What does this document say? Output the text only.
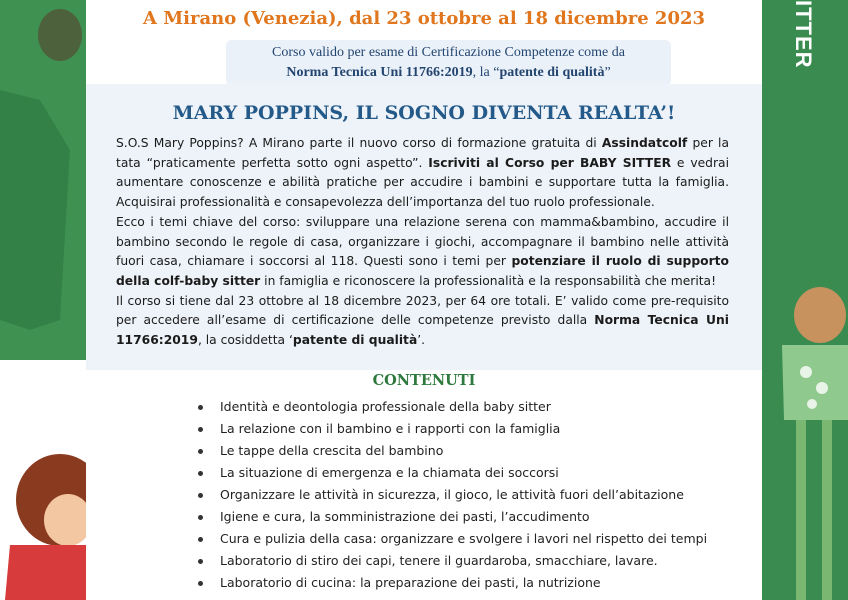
ITTER
A Mirano (Venezia), dal 23 ottobre al 18 dicembre 2023
Corso valido per esame di Certificazione Competenze come da
Norma Tecnica Uni 11766:2019, la “patente di qualità”
MARY POPPINS, IL SOGNO DIVENTA REALTA’!

S.O.S Mary Poppins? A Mirano parte il nuovo corso di formazione gratuita di Assindatcolf per la tata “praticamente perfetta sotto ogni aspetto”. Iscriviti al Corso per BABY SITTER e vedrai aumentare conoscenze e abilità pratiche per accudire i bambini e supportare tutta la famiglia. Acquisirai professionalità e consapevolezza dell’importanza del tuo ruolo professionale.

Ecco i temi chiave del corso: sviluppare una relazione serena con mamma&bambino, accudire il bambino secondo le regole di casa, organizzare i giochi, accompagnare il bambino nelle attività fuori casa, chiamare i soccorsi al 118. Questi sono i temi per potenziare il ruolo di supporto della colf-baby sitter in famiglia e riconoscere la professionalità e la responsabilità che merita!

Il corso si tiene dal 23 ottobre al 18 dicembre 2023, per 64 ore totali. E’ valido come pre-requisito per accedere all’esame di certificazione delle competenze previsto dalla Norma Tecnica Uni 11766:2019, la cosiddetta ‘patente di qualità’.

CONTENUTI
Identità e deontologia professionale della baby sitter
La relazione con il bambino e i rapporti con la famiglia
Le tappe della crescita del bambino
La situazione di emergenza e la chiamata dei soccorsi
Organizzare le attività in sicurezza, il gioco, le attività fuori dell’abitazione
Igiene e cura, la somministrazione dei pasti, l’accudimento
Cura e pulizia della casa: organizzare e svolgere i lavori nel rispetto dei tempi
Laboratorio di stiro dei capi, tenere il guardaroba, smacchiare, lavare.
Laboratorio di cucina: la preparazione dei pasti, la nutrizione
